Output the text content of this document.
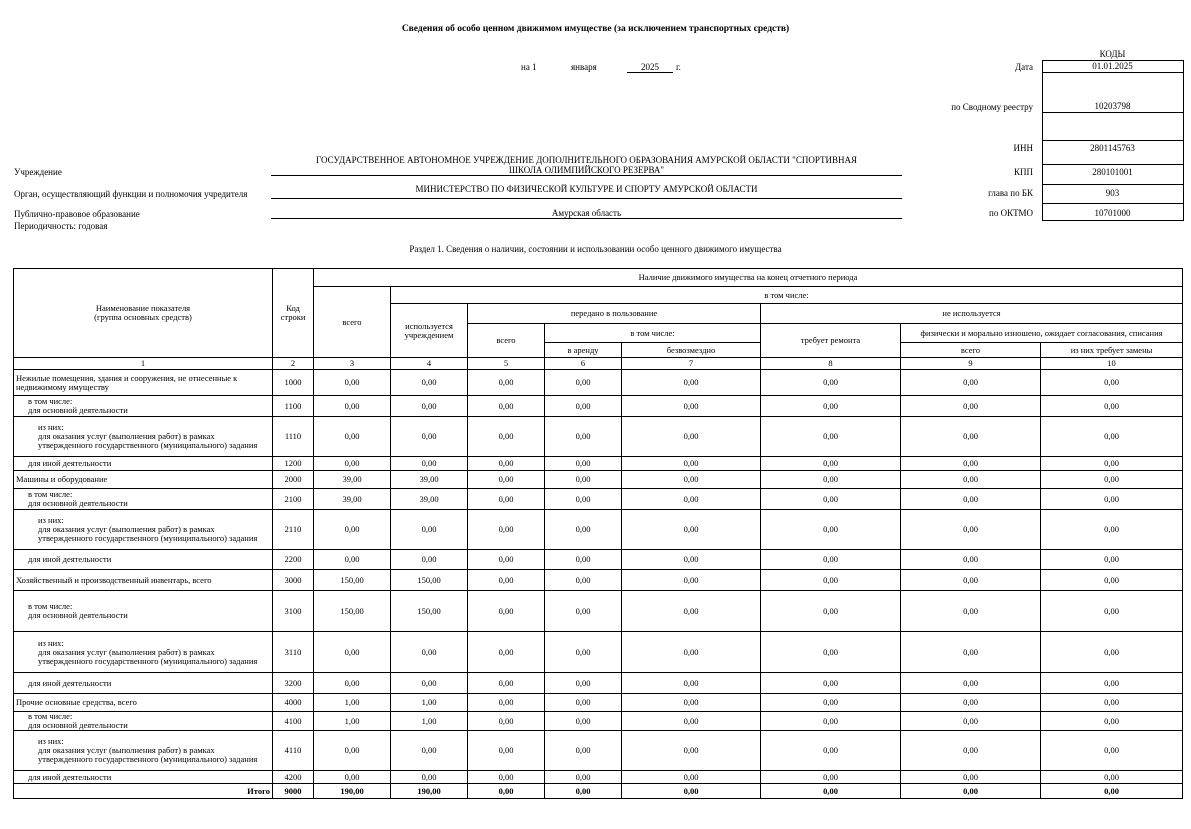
Сведения об особо ценном движимом имуществе (за исключением транспортных средств)
КОДЫ
на 1	января	2025	г.	Дата	01.01.2025
по Сводному реестру	10203798
ИНН	2801145763
КПП	280101001
глава по БК	903
по ОКТМО	10701000
Учреждение
ГОСУДАРСТВЕННОЕ АВТОНОМНОЕ УЧРЕЖДЕНИЕ ДОПОЛНИТЕЛЬНОГО ОБРАЗОВАНИЯ АМУРСКОЙ ОБЛАСТИ "СПОРТИВНАЯ ШКОЛА ОЛИМПИЙСКОГО РЕЗЕРВА"
Орган, осуществляющий функции и полномочия учредителя	МИНИСТЕРСТВО ПО ФИЗИЧЕСКОЙ КУЛЬТУРЕ И СПОРТУ АМУРСКОЙ ОБЛАСТИ
Публично-правовое образование	Амурская область
Периодичность: годовая
Раздел 1. Сведения о наличии, состоянии и использовании особо ценного движимого имущества
Наименование показателя
(группа основных средств)	Код строки	Наличие движимого имущества на конец отчетного периода							
		всего	в том числе:						
			используется учреждением	передано в пользование			не используется		
				всего	в том числе:		требует ремонта	физически и морально изношено, ожидает согласования, списания	
					в аренду	безвозмездно		всего	из них требует замены
1	2	3	4	5	6	7	8	9	10
Нежилые помещения, здания и сооружения, не отнесенные к недвижимому имуществу	1000	0,00	0,00	0,00	0,00	0,00	0,00	0,00	0,00

в том числе:
для основной деятельности	1100	0,00	0,00	0,00	0,00	0,00	0,00	0,00	0,00

из них:
для оказания услуг (выполнения работ) в рамках утвержденного государственного (муниципального) задания	1110	0,00	0,00	0,00	0,00	0,00	0,00	0,00	0,00

для иной деятельности	1200	0,00	0,00	0,00	0,00	0,00	0,00	0,00	0,00
Машины и оборудование	2000	39,00	39,00	0,00	0,00	0,00	0,00	0,00	0,00

в том числе:
для основной деятельности	2100	39,00	39,00	0,00	0,00	0,00	0,00	0,00	0,00

из них:
для оказания услуг (выполнения работ) в рамках утвержденного государственного (муниципального) задания	2110	0,00	0,00	0,00	0,00	0,00	0,00	0,00	0,00

для иной деятельности	2200	0,00	0,00	0,00	0,00	0,00	0,00	0,00	0,00
Хозяйственный и производственный инвентарь, всего	3000	150,00	150,00	0,00	0,00	0,00	0,00	0,00	0,00

в том числе:
для основной деятельности	3100	150,00	150,00	0,00	0,00	0,00	0,00	0,00	0,00

из них:
для оказания услуг (выполнения работ) в рамках утвержденного государственного (муниципального) задания	3110	0,00	0,00	0,00	0,00	0,00	0,00	0,00	0,00

для иной деятельности	3200	0,00	0,00	0,00	0,00	0,00	0,00	0,00	0,00
Прочие основные средства, всего	4000	1,00	1,00	0,00	0,00	0,00	0,00	0,00	0,00

в том числе:
для основной деятельности	4100	1,00	1,00	0,00	0,00	0,00	0,00	0,00	0,00

из них:
для оказания услуг (выполнения работ) в рамках утвержденного государственного (муниципального) задания	4110	0,00	0,00	0,00	0,00	0,00	0,00	0,00	0,00

для иной деятельности	4200	0,00	0,00	0,00	0,00	0,00	0,00	0,00	0,00
Итого	9000	190,00	190,00	0,00	0,00	0,00	0,00	0,00	0,00
